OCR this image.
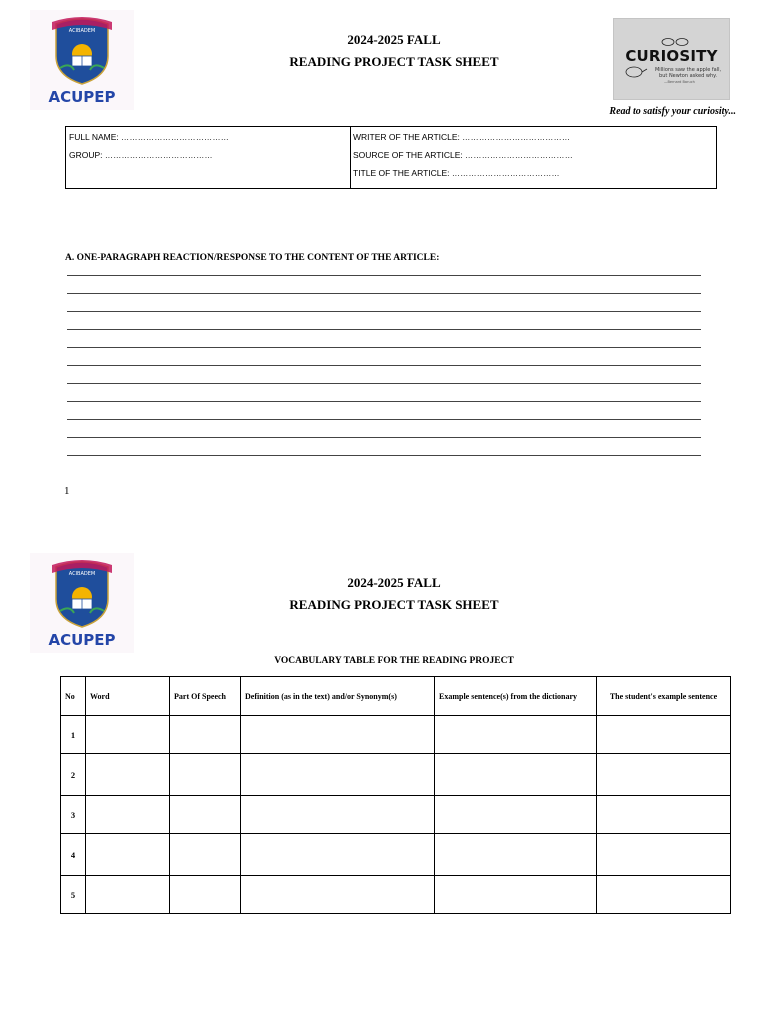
ACIBADEM
ACUPEP
2024-2025 FALL
READING PROJECT TASK SHEET	CURIOSITY
Millions saw the apple fall,
but Newton asked why.
—Bernard Baruch
Read to satisfy your curiosity...
FULL NAME: …………………………………
GROUP: …………………………………
WRITER OF THE ARTICLE: …………………………………
SOURCE OF THE ARTICLE: …………………………………
TITLE OF THE ARTICLE: …………………………………
A. ONE-PARAGRAPH REACTION/RESPONSE TO THE CONTENT OF THE ARTICLE:
1
ACIBADEM
ACUPEP
2024-2025 FALL
READING PROJECT TASK SHEET
VOCABULARY TABLE FOR THE READING PROJECT
No	Word	Part Of Speech	Definition (as in the text) and/or Synonym(s)	Example sentence(s) from the dictionary	The student's example sentence
1					
2					
3					
4					
5					
